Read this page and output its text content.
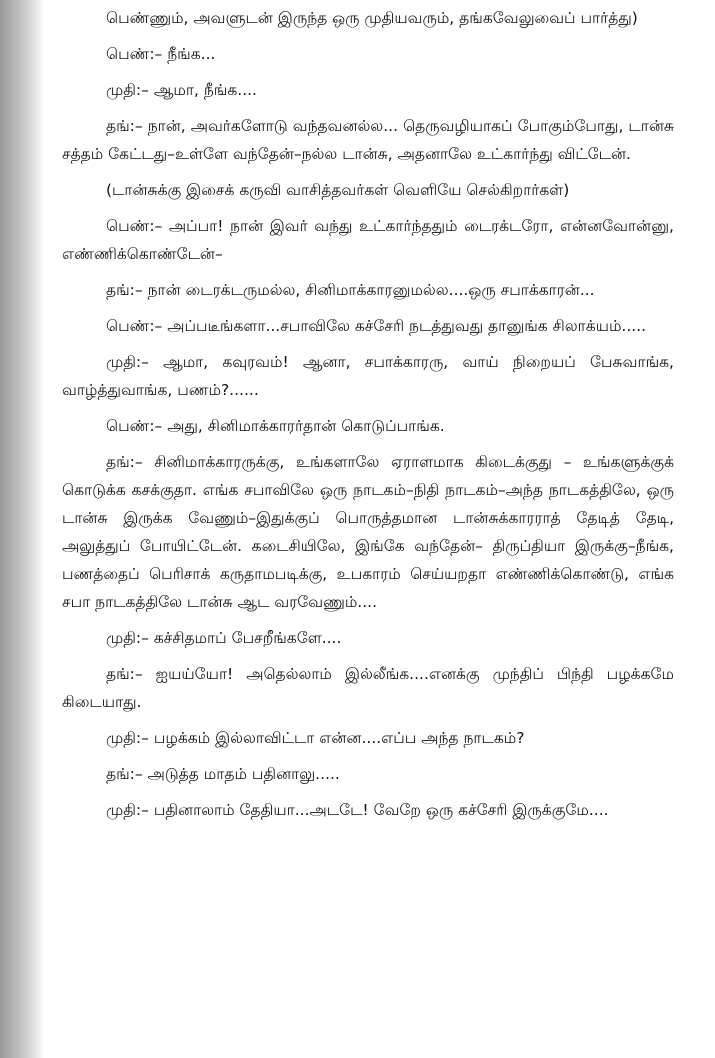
பெண்ணும், அவளுடன் இருந்த ஒரு முதியவரும், தங்கவேலுவைப் பார்த்து)
பெண்:– நீங்க...
முதி:– ஆமா, நீங்க....
தங்:– நான், அவர்களோடு வந்தவனல்ல... தெருவழியாகப் போகும்போது, டான்சு சத்தம் கேட்டது–உள்ளே வந்தேன்–நல்ல டான்சு, அதனாலே உட்கார்ந்து விட்டேன்.
(டான்சுக்கு இசைக் கருவி வாசித்தவர்கள் வெளியே செல்கிறார்கள்)
பெண்:– அப்பா! நான் இவர் வந்து உட்கார்ந்ததும் டைரக்டரோ, என்னவோன்னு, எண்ணிக்கொண்டேன்–
தங்:– நான் டைரக்டருமல்ல, சினிமாக்காரனுமல்ல....ஒரு சபாக்காரன்...
பெண்:– அப்படீங்களா...சபாவிலே கச்சேரி நடத்துவது தானுங்க சிலாக்யம்.....
முதி:– ஆமா, கவுரவம்! ஆனா, சபாக்காரரு, வாய் நிறையப் பேசுவாங்க, வாழ்த்துவாங்க, பணம்?......
பெண்:– அது, சினிமாக்காரர்தான் கொடுப்பாங்க.
தங்:– சினிமாக்காரருக்கு, உங்களாலே ஏராளமாக கிடைக்குது – உங்களுக்குக் கொடுக்க கசக்குதா. எங்க சபாவிலே ஒரு நாடகம்–நிதி நாடகம்–அந்த நாடகத்திலே, ஒரு டான்சு இருக்க வேணும்–இதுக்குப் பொருத்தமான டான்சுக்காரராத் தேடித் தேடி, அலுத்துப் போயிட்டேன். கடைசியிலே, இங்கே வந்தேன்– திருப்தியா இருக்கு–நீங்க, பணத்தைப் பெரிசாக் கருதாமபடிக்கு, உபகாரம் செய்யறதா எண்ணிக்கொண்டு, எங்க சபா நாடகத்திலே டான்சு ஆட வரவேணும்....
முதி:– கச்சிதமாப் பேசறீங்களே....
தங்:– ஐயய்யோ! அதெல்லாம் இல்லீங்க....எனக்கு முந்திப் பிந்தி பழக்கமே கிடையாது.
முதி:– பழக்கம் இல்லாவிட்டா என்ன....எப்ப அந்த நாடகம்?
தங்:– அடுத்த மாதம் பதினாலு.....
முதி:– பதினாலாம் தேதியா...அடடே! வேறே ஒரு கச்சேரி இருக்குமே....
